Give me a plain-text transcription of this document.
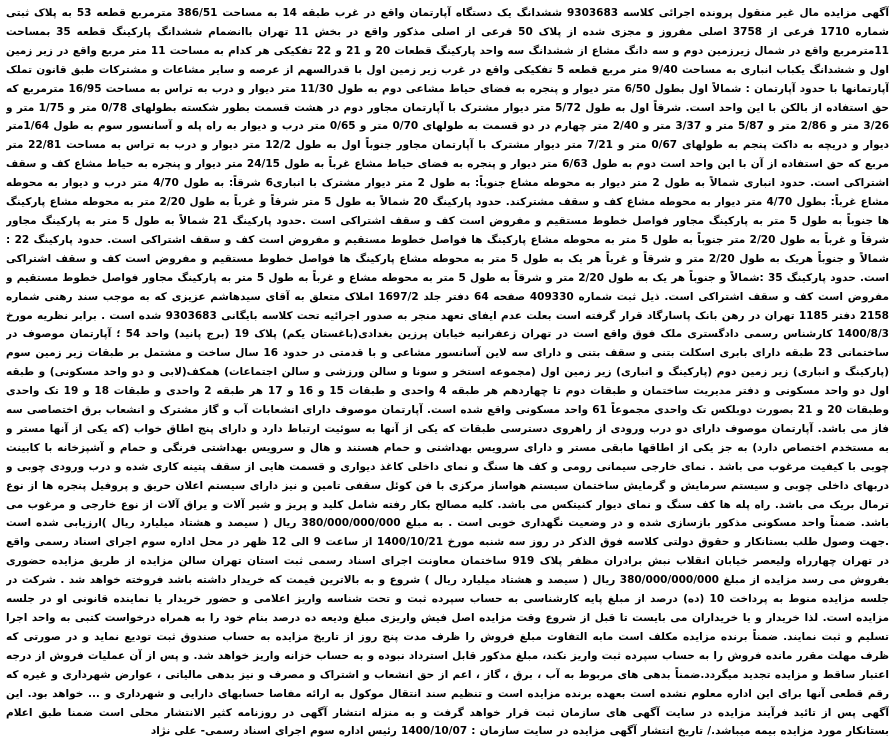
آگهی مزایده مال غیر منقول پرونده اجرائی کلاسه 9303683 ششدانگ یک دستگاه آپارتمان واقع در غرب طبقه 14 به مساحت 386/51 مترمربع قطعه 53 به پلاک ثبتی شماره 1710 فرعی از 3758 اصلی مفروز و مجزی شده از پلاک 50 فرعی از اصلی مذکور واقع در بخش 11 تهران باانضمام ششدانگ پارکینگ قطعه 35 بمساحت 11مترمربع واقع در شمال زیرزمین دوم و سه دانگ مشاع از ششدانگ سه واحد پارکینگ قطعات 20 و 21 و 22 تفکیکی هر کدام به مساحت 11 متر مربع واقع در زیر زمین اول و ششدانگ یکباب انباری به مساحت 9/40 متر مربع قطعه 5 تفکیکی واقع در غرب زیر زمین اول با قدرالسهم از عرصه و سایر مشاعات و مشترکات طبق قانون تملک آپارتمانها با حدود آپارتمان : شمالاً اول بطول 6/50 متر دیوار و پنجره به فضای حیاط مشاعی دوم به طول 11/30 متر دیوار و درب به تراس به مساحت 16/95 مترمربع که حق استفاده از بالکن با این واحد است. شرقاً اول به طول 5/72 متر دیوار مشترک با آپارتمان مجاور دوم در هشت قسمت بطور شکسته بطولهای 0/78 متر و 1/75 متر و 3/26 متر و 2/86 متر و 5/87 متر و 3/37 متر و 2/40 متر چهارم در دو قسمت به طولهای 0/70 متر و 0/65 متر درب و دیوار به راه پله و آسانسور سوم به طول 1/64متر دیوار و دریچه به داکت پنجم به طولهای 0/67 متر و 7/21 متر دیوار مشترک با آپارتمان مجاور جنوباً اول به طول 12/2 متر دیوار و درب به تراس به مساحت 22/81 متر مربع که حق استفاده از آن با این واحد است دوم به طول 6/63 متر دیوار و پنجره به فضای حیاط مشاع غرباً به طول 24/15 متر دیوار و پنجره به حیاط مشاع کف و سقف اشتراکی است. حدود انباری شمالاً به طول 2 متر دیوار به محوطه مشاع جنوباً: به طول 2 متر دیوار مشترک با انباری6 شرقاً: به طول 4/70 متر درب و دیوار به محوطه مشاع غرباً: بطول 4/70 متر دیوار به محوطه مشاع کف و سقف مشترکند. حدود پارکینگ 20 شمالاً به طول 5 متر شرقاً و غرباً به طول 2/20 متر به محوطه مشاع پارکینگ ها جنوباً به طول 5 متر به پارکینگ مجاور فواصل خطوط مستقیم و مفروض است کف و سقف اشتراکی است .حدود پارکینگ 21 شمالاً به طول 5 متر به پارکینگ مجاور شرقاً و غرباً به طول 2/20 متر جنوباً به طول 5 متر به محوطه مشاع پارکینگ ها فواصل خطوط مستقیم و مفروض است کف و سقف اشتراکی است. حدود پارکینگ 22 : شمالاً و جنوباً هریک به طول 2/20 متر و شرقاً و غرباً هر یک به طول 5 متر به محوطه مشاع پارکینگ ها فواصل خطوط مستقیم و مفروض است کف و سقف اشتراکی است. حدود پارکینگ 35 :شمالاً و جنوباً هر یک به طول 2/20 متر و شرقاً به طول 5 متر به محوطه مشاع و غرباً به طول 5 متر به پارکینگ مجاور فواصل خطوط مستقیم و مفروض است کف و سقف اشتراکی است. ذیل ثبت شماره 409330 صفحه 64 دفتر جلد 1697/2 املاک متعلق به آقای سیدهاشم عزیزی که به موجب سند رهنی شماره 2158 دفتر 1185 تهران در رهن بانک پاسارگاد قرار گرفته است بعلت عدم ایفای تعهد منجر به صدور اجرائیه تحت کلاسه بایگانی 9303683 شده است . برابر نظریه مورخ 1400/8/3 کارشناس رسمی دادگستری ملک فوق واقع است در تهران زعفرانیه خیابان پرزین بغدادی(باغستان یکم) پلاک 19 (برج پانید) واحد 54 ؛ آپارتمان موصوف در ساختمانی 23 طبقه دارای بابری اسکلت بتنی و سقف بتنی و دارای سه لاین آسانسور مشاعی و با قدمتی در حدود 16 سال ساخت و مشتمل بر طبقات زیر زمین سوم (پارکینگ و انباری) زیر زمین دوم (پارکینگ و انباری) زیر زمین اول (مجموعه استخر و سونا و سالن ورزشی و سالن اجتماعات) همکف(لابی و دو واحد مسکونی) و طبقه اول دو واحد مسکونی و دفتر مدیریت ساختمان و طبقات دوم تا چهاردهم هر طبقه 4 واحدی و طبقات 15 و 16 و 17 هر طبقه 2 واحدی و طبقات 18 و 19 تک واحدی وطبقات 20 و 21 بصورت دوبلکس تک واحدی مجموعاً 61 واحد مسکونی واقع شده است. آپارتمان موصوف دارای انشعابات آب و گاز مشترک و انشعاب برق اختصاصی سه فاز می باشد. آپارتمان موصوف دارای دو درب ورودی از راهروی دسترسی طبقات که یکی از آنها به سوئیت ارتباط دارد و دارای پنج اطاق خواب (که یکی از آنها مستر و به مستخدم اختصاص دارد) به جز یکی از اطاقها مابقی مستر و دارای سرویس بهداشتی و حمام هستند و هال و سرویس بهداشتی فرنگی و حمام و آشپزخانه با کابینت چوبی با کیفیت مرغوب می باشد . نمای خارجی سیمانی رومی و کف ها سنگ و نمای داخلی کاغذ دیواری و قسمت هایی از سقف پتینه کاری شده و درب ورودی چوبی و دربهای داخلی چوبی و سیستم سرمایش و گرمایش ساختمان سیستم هواساز مرکزی با فن کوئل سقفی تامین و نیز دارای سیستم اعلان حریق و پروفیل پنجره ها از نوع ترمال بریک می باشد. راه پله ها کف سنگ و نمای دیوار کنیتکس می باشد. کلیه مصالح بکار رفته شامل کلید و پریز و شیر آلات و یراق آلات از نوع خارجی و مرغوب می باشد. ضمناً واحد مسکونی مذکور بازسازی شده و در وضعیت نگهداری خوبی است . به مبلغ 380/000/000/000 ریال ( سیصد و هشتاد میلیارد ریال )ارزیابی شده است .جهت وصول طلب بستانکار و حقوق دولتی کلاسه فوق الذکر در روز سه شنبه مورخ 1400/10/21 از ساعت 9 الی 12 ظهر در محل اداره سوم اجرای اسناد رسمی واقع در تهران چهارراه ولیعصر خیابان انقلاب نبش برادران مظفر پلاک 919 ساختمان معاونت اجرای اسناد رسمی ثبت استان تهران سالن مزایده از طریق مزایده حضوری بفروش می رسد مزایده از مبلغ 380/000/000/000 ریال ( سیصد و هشتاد میلیارد ریال ) شروع و به بالاترین قیمت که خریدار داشته باشد فروخته خواهد شد . شرکت در جلسه مزایده منوط به پرداخت 10 (ده) درصد از مبلغ پایه کارشناسی به حساب سپرده ثبت و تحت شناسه واریز اعلامی و حضور خریدار یا نماینده قانونی او در جلسه مزایده است. لذا خریدار و یا خریداران می بایست تا قبل از شروع وقت مزایده اصل فیش واریزی مبلغ ودیعه ده درصد بنام خود را به همراه درخواست کتبی به واحد اجرا تسلیم و ثبت نمایند. ضمناً برنده مزایده مکلف است مابه التفاوت مبلغ فروش را ظرف مدت پنج روز از تاریخ مزایده به حساب صندوق ثبت تودیع نماید و در صورتی که ظرف مهلت مقرر مانده فروش را به حساب سپرده ثبت واریز نکند، مبلغ مذکور قابل استرداد نبوده و به حساب خزانه واریز خواهد شد. و پس از آن عملیات فروش از درجه اعتبار ساقط و مزایده تجدید میگردد.ضمناً بدهی های مربوط به آب ، برق ، گاز ، اعم از حق انشعاب و اشتراک و مصرف و نیز بدهی مالیاتی ، عوارض شهرداری و غیره که رقم قطعی آنها برای این اداره معلوم نشده است بعهده برنده مزایده است و تنظیم سند انتقال موکول به ارائه مفاصا حسابهای دارایی و شهرداری و ... خواهد بود. این آگهی پس از تائید فرآیند مزایده در سایت آگهی های سازمان ثبت قرار خواهد گرفت و به منزله انتشار آگهی در روزنامه کثیر الانتشار محلی است ضمنا طبق اعلام بستانکار مورد مزایده بیمه میباشد./ تاریخ انتشار آگهی مزایده در سایت سازمان : 1400/10/07 رئیس اداره سوم اجرای اسناد رسمی- علی نژاد
